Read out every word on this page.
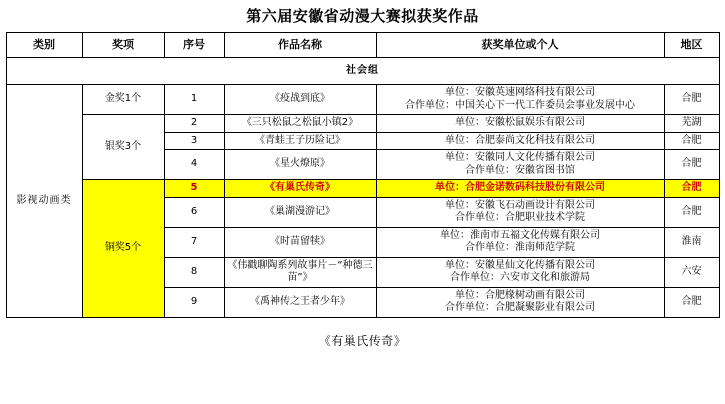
第六届安徽省动漫大赛拟获奖作品
类别	奖项	序号	作品名称	获奖单位或个人	地区
社会组					
影视动画类	金奖1个	1	《疫战到底》	单位：安徽英速网络科技有限公司
合作单位：中国关心下一代工作委员会事业发展中心	合肥
	银奖3个	2	《三只松鼠之松鼠小镇2》	单位：安徽松鼠娱乐有限公司	芜湖
		3	《青蛙王子历险记》	单位：合肥泰尚文化科技有限公司	合肥
		4	《星火燎原》	单位：安徽同人文化传播有限公司
合作单位：安徽省图书馆	合肥
	铜奖5个	5	《有巢氏传奇》	单位：合肥金诺数码科技股份有限公司	合肥
		6	《巢湖漫游记》	单位：安徽飞石动画设计有限公司
合作单位：合肥职业技术学院	合肥
		7	《时苗留犊》	单位：淮南市五福文化传媒有限公司
合作单位：淮南师范学院	淮南
		8	《伟戳聊陶系列故事片－“种德三苗”》	单位：安徽星仙文化传播有限公司
合作单位：六安市文化和旅游局	六安
		9	《禹神传之王者少年》	单位：合肥椽树动画有限公司
合作单位：合肥凝聚影业有限公司	合肥
《有巢氏传奇》
